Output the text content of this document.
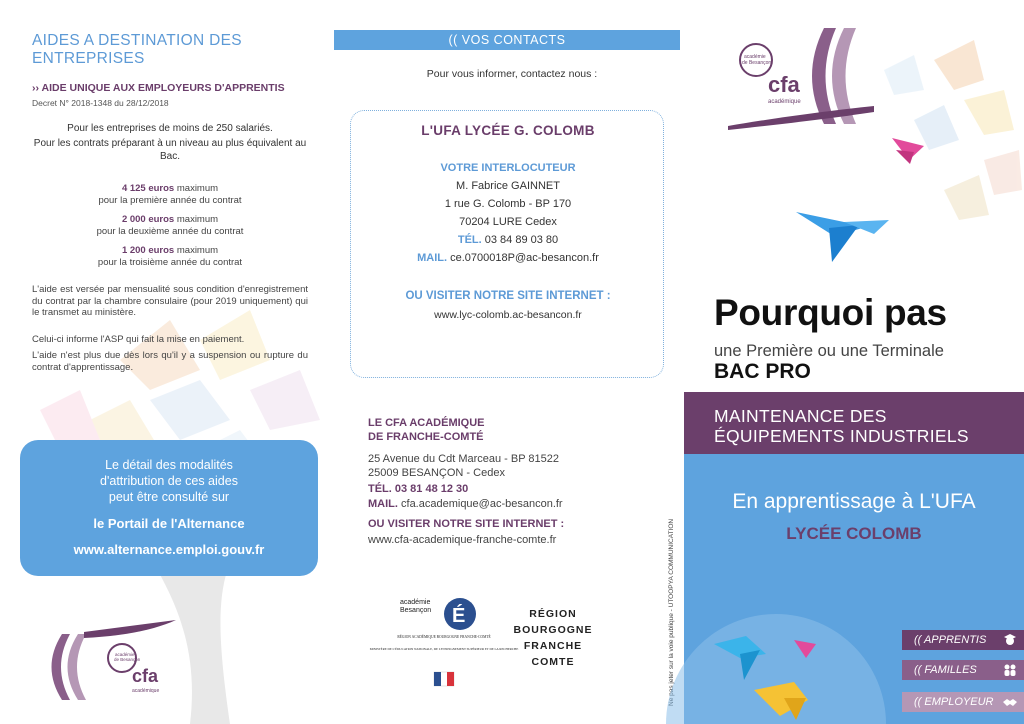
AIDES A DESTINATION DES ENTREPRISES
›› AIDE UNIQUE AUX EMPLOYEURS D'APPRENTIS
Decret N° 2018-1348 du 28/12/2018
Pour les entreprises de moins de 250 salariés.
Pour les contrats préparant à un niveau au plus équivalent au Bac.
4 125 euros maximum
pour la première année du contrat
2 000 euros maximum
pour la deuxième année du contrat
1 200 euros maximum
pour la troisième année du contrat
L'aide est versée par mensualité sous condition d'enregistrement du contrat par la chambre consulaire (pour 2019 uniquement) qui le transmet au ministère.
Celui-ci informe l'ASP qui fait la mise en paiement.
L'aide n'est plus due dès lors qu'il y a suspension ou rupture du contrat d'apprentissage.
Le détail des modalités
d'attribution de ces aides
peut être consulté sur
le Portail de l'Alternance
www.alternance.emploi.gouv.fr
académie
de Besançon
cfa
académique
(( VOS CONTACTS
Pour vous informer, contactez nous :
L'UFA LYCÉE G. COLOMB
VOTRE INTERLOCUTEUR
M. Fabrice GAINNET
1 rue G. Colomb - BP 170
70204 LURE Cedex
TÉL. 03 84 89 03 80
MAIL. ce.0700018P@ac-besancon.fr
OU VISITER NOTRE SITE INTERNET :
www.lyc-colomb.ac-besancon.fr
LE CFA ACADÉMIQUE
DE FRANCHE-COMTÉ
25 Avenue du Cdt Marceau - BP 81522
25009 BESANÇON - Cedex
TÉL. 03 81 48 12 30
MAIL. cfa.academique@ac-besancon.fr
OU VISITER NOTRE SITE INTERNET :
www.cfa-academique-franche-comte.fr
académie
Besançon É
RÉGION ACADÉMIQUE BOURGOGNE FRANCHE-COMTÉ
MINISTÈRE DE L'ÉDUCATION NATIONALE, DE L'ENSEIGNEMENT SUPÉRIEUR ET DE LA RECHERCHE
RÉGION
BOURGOGNE
FRANCHE
COMTE	Ne pas jeter sur la voie publique - UTOOPYA COMMUNICATION
académie
de Besançon
cfa
académique
Pourquoi pas
une Première ou une Terminale
BAC PRO
MAINTENANCE DES
ÉQUIPEMENTS INDUSTRIELS
En apprentissage à L'UFA
LYCÉE COLOMB
(( APPRENTIS
(( FAMILLES
(( EMPLOYEUR
